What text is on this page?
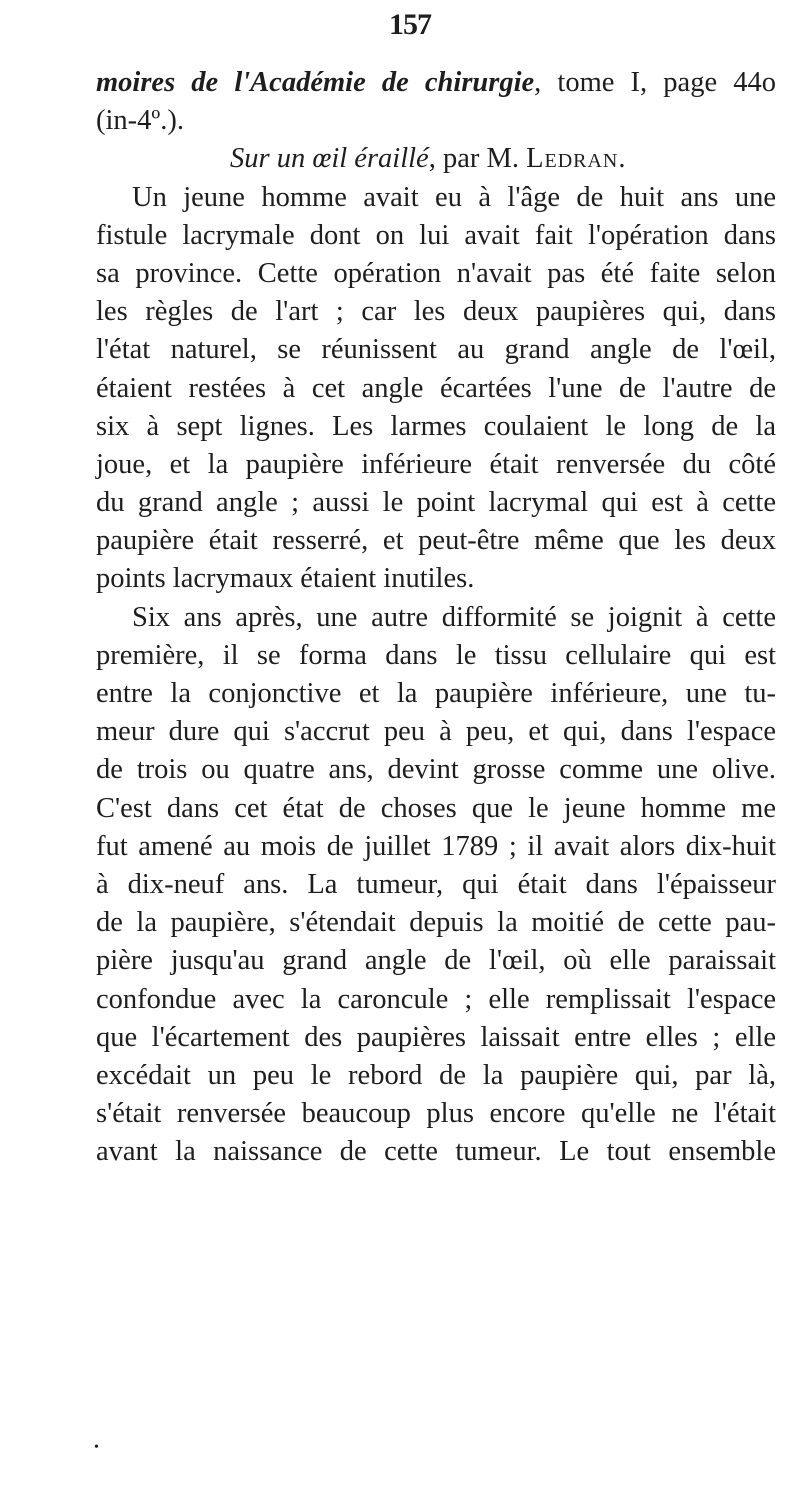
157
moires de l'Académie de chirurgie, tome I, page 44o
(in-4º.).
Sur un œil éraillé, par M. Ledran.
Un jeune homme avait eu à l'âge de huit ans une
fistule lacrymale dont on lui avait fait l'opération dans
sa province. Cette opération n'avait pas été faite selon
les règles de l'art ; car les deux paupières qui, dans
l'état naturel, se réunissent au grand angle de l'œil,
étaient restées à cet angle écartées l'une de l'autre de
six à sept lignes. Les larmes coulaient le long de la
joue, et la paupière inférieure était renversée du côté
du grand angle ; aussi le point lacrymal qui est à cette
paupière était resserré, et peut-être même que les deux
points lacrymaux étaient inutiles.
Six ans après, une autre difformité se joignit à cette
première, il se forma dans le tissu cellulaire qui est
entre la conjonctive et la paupière inférieure, une tu-
meur dure qui s'accrut peu à peu, et qui, dans l'espace
de trois ou quatre ans, devint grosse comme une olive.
C'est dans cet état de choses que le jeune homme me
fut amené au mois de juillet 1789 ; il avait alors dix-huit
à dix-neuf ans. La tumeur, qui était dans l'épaisseur
de la paupière, s'étendait depuis la moitié de cette pau-
pière jusqu'au grand angle de l'œil, où elle paraissait
confondue avec la caroncule ; elle remplissait l'espace
que l'écartement des paupières laissait entre elles ; elle
excédait un peu le rebord de la paupière qui, par là,
s'était renversée beaucoup plus encore qu'elle ne l'était
avant la naissance de cette tumeur. Le tout ensemble
•
